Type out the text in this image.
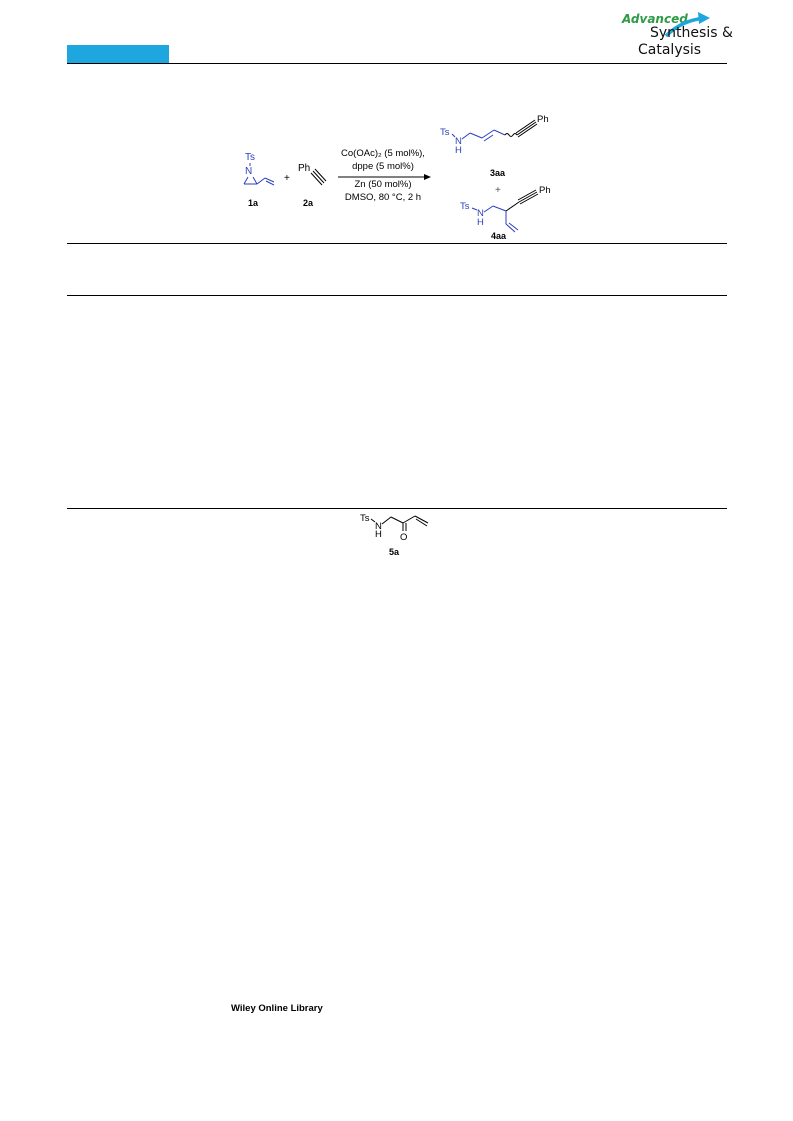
Advanced
Synthesis &
Catalysis
Ts
N
1a
+
Ph
2a
Co(OAc)₂ (5 mol%),
dppe (5 mol%)
Zn (50 mol%)
DMSO, 80 °C, 2 h
Ts
N
H
Ph
3aa
+
Ts
N
H
Ph
4aa
Ts
N
H O
5a
Wiley Online Library
